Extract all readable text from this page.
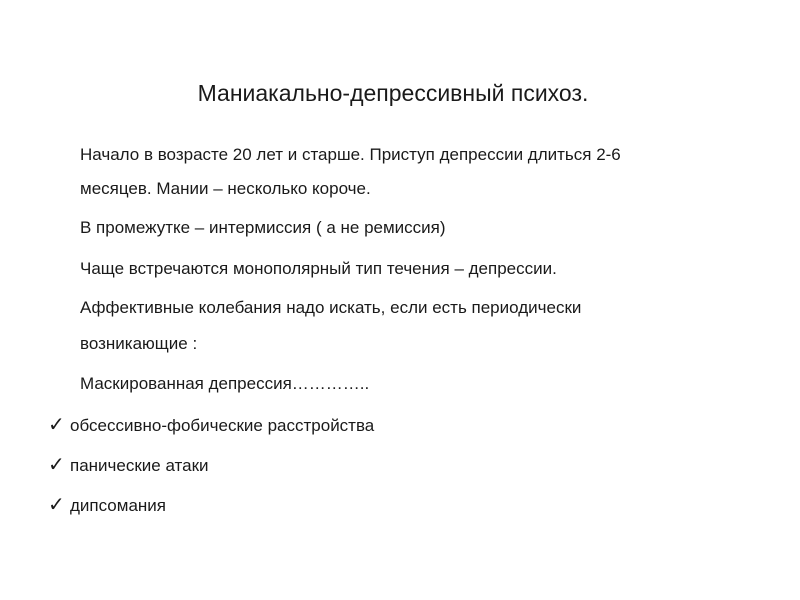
Маниакально-депрессивный психоз.

Начало в возрасте 20 лет и старше. Приступ депрессии длиться 2-6

месяцев. Мании – несколько короче.

В промежутке – интермиссия ( а не ремиссия)

Чаще встречаются монополярный тип течения – депрессии.

Аффективные колебания надо искать, если есть периодически

возникающие :

Маскированная депрессия…………..

✓ обсессивно-фобические расстройства
✓ панические атаки
✓ дипсомания
